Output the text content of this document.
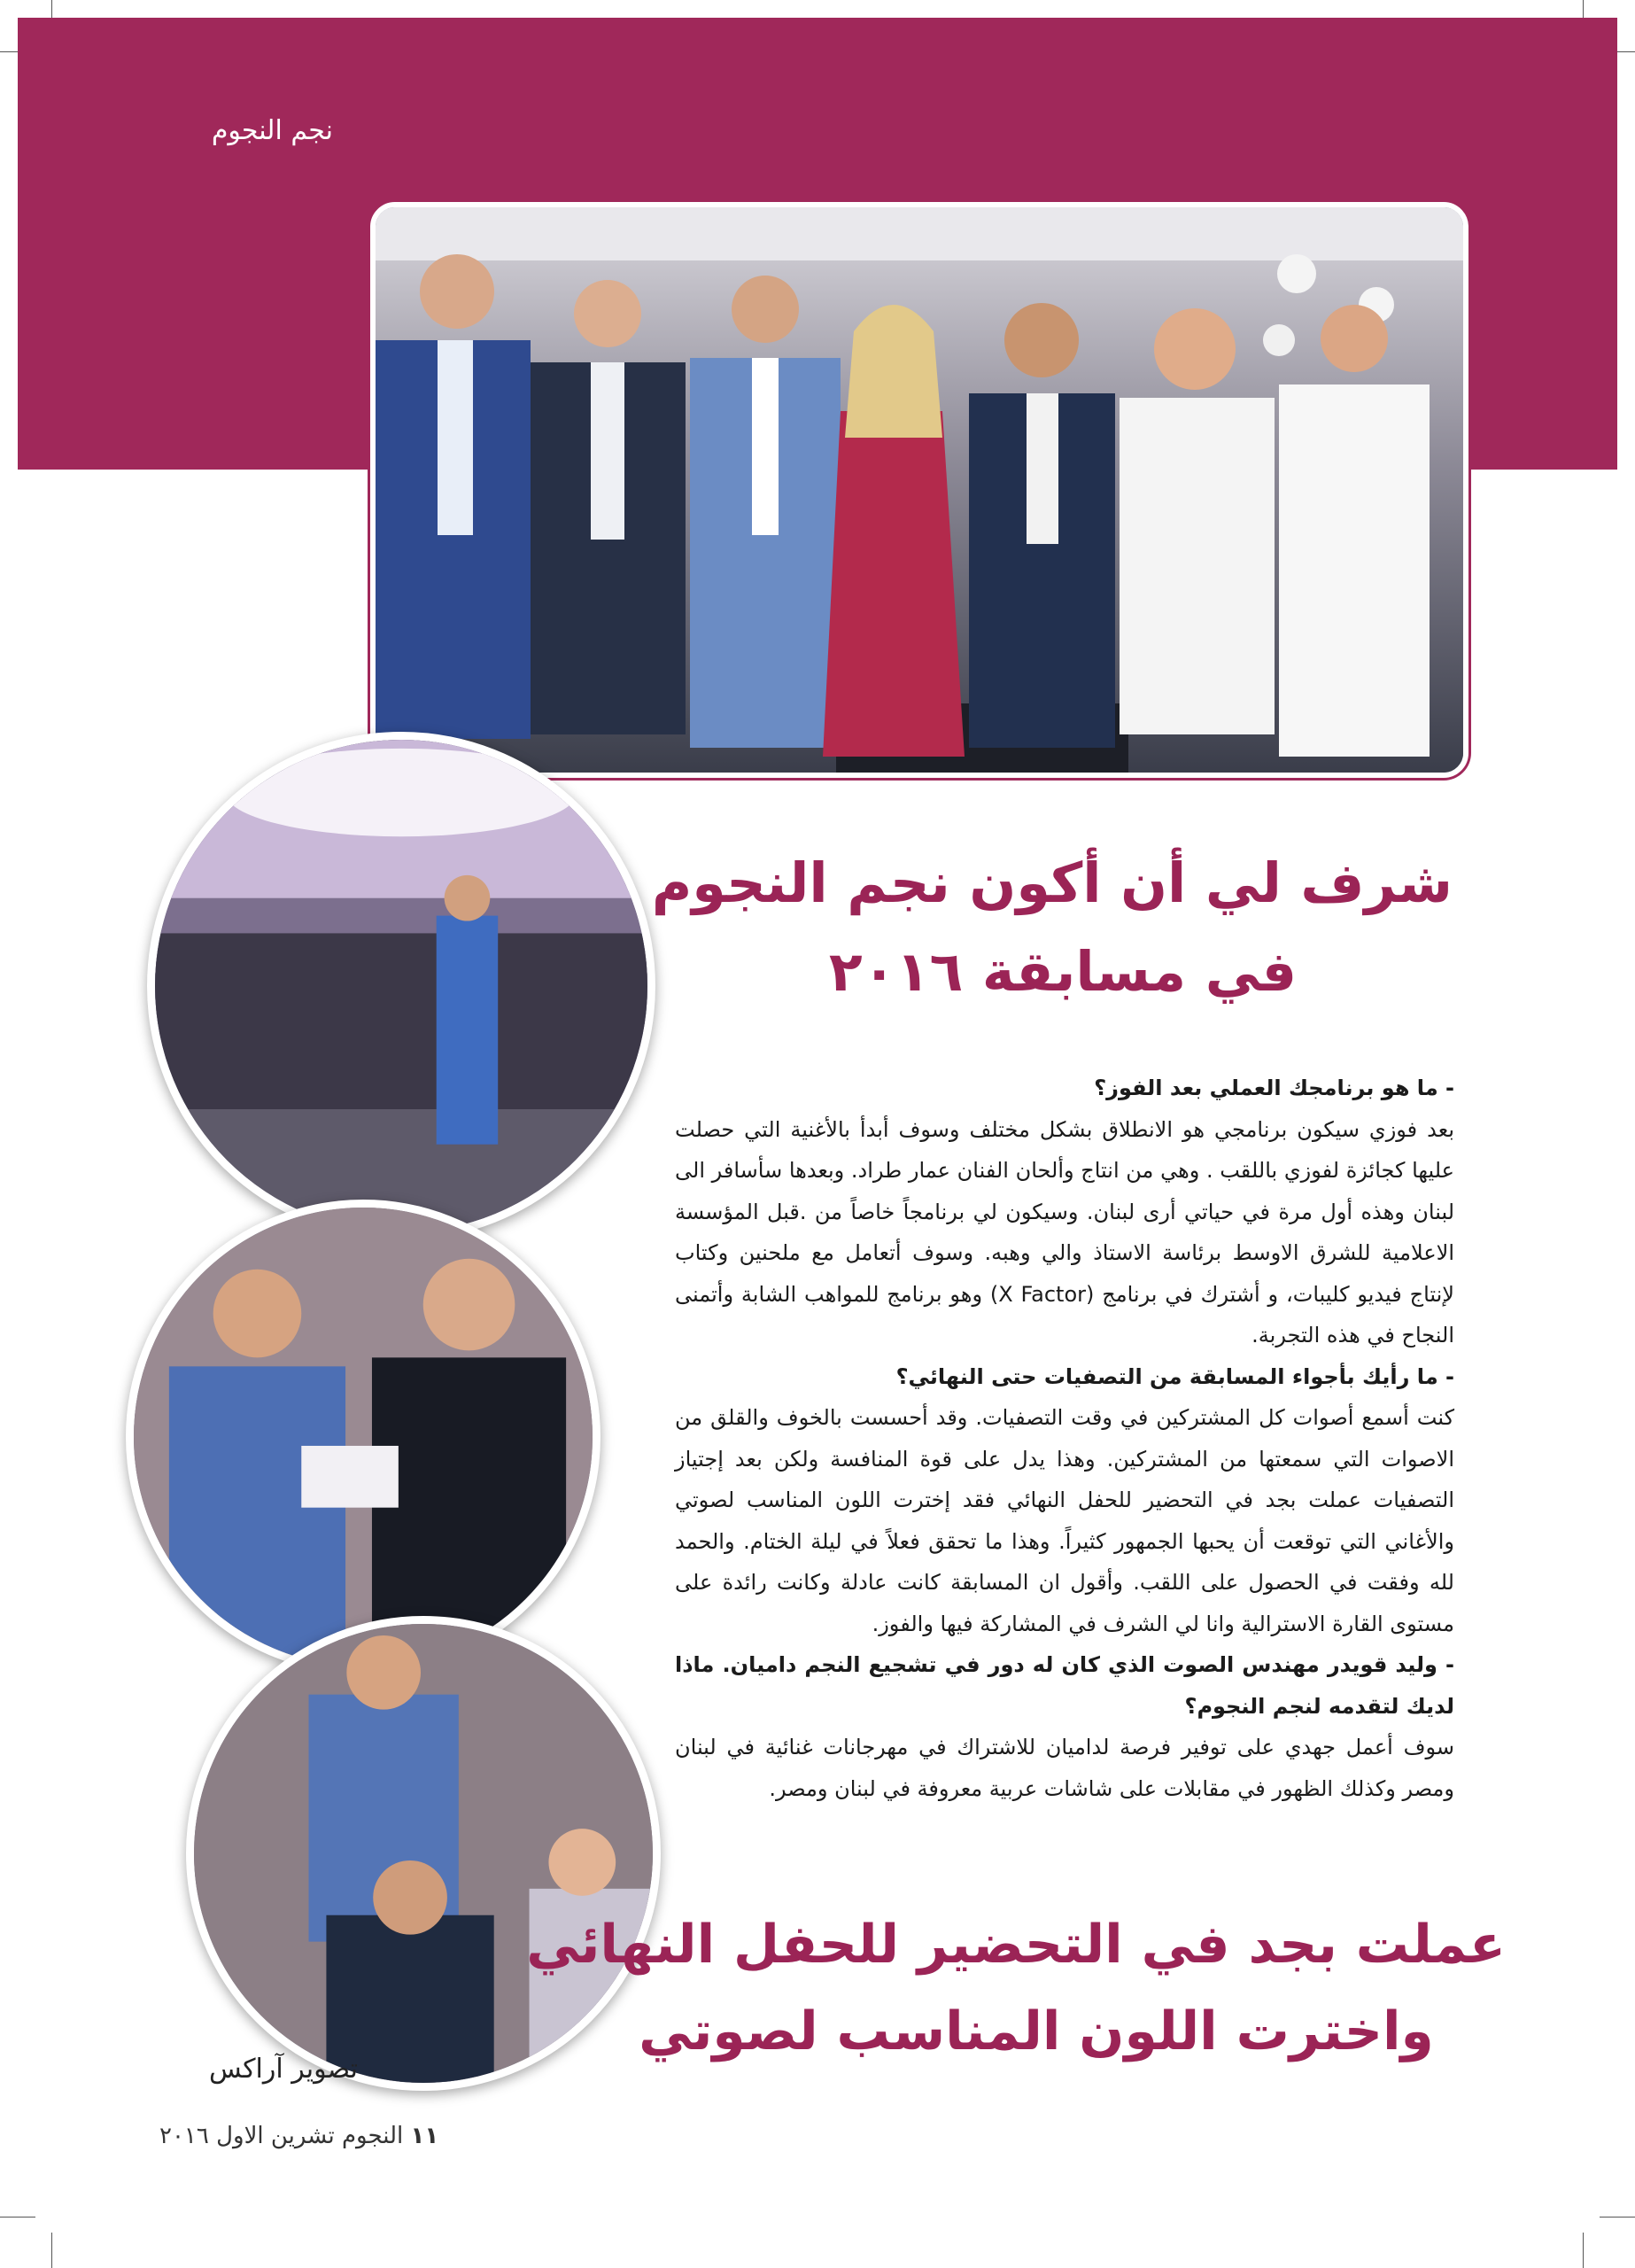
نجم النجوم
شرف لي أن أكون نجم النجوم
في مسابقة ٢٠١٦

- ما هو برنامجك العملي بعد الفوز؟

بعد فوزي سيكون برنامجي هو الانطلاق بشكل مختلف وسوف أبدأ بالأغنية التي حصلت عليها كجائزة لفوزي باللقب . وهي من انتاج وألحان الفنان عمار طراد. وبعدها سأسافر الى لبنان وهذه أول مرة في حياتي أرى لبنان. وسيكون لي برنامجاً خاصاً من .قبل المؤسسة الاعلامية للشرق الاوسط برئاسة الاستاذ والي وهبه. وسوف أتعامل مع ملحنين وكتاب لإنتاج فيديو كليبات، و أشترك في برنامج (X Factor) وهو برنامج للمواهب الشابة وأتمنى النجاح في هذه التجربة.

- ما رأيك بأجواء المسابقة من التصفيات حتى النهائي؟

كنت أسمع أصوات كل المشتركين في وقت التصفيات. وقد أحسست بالخوف والقلق من الاصوات التي سمعتها من المشتركين. وهذا يدل على قوة المنافسة ولكن بعد إجتياز التصفيات عملت بجد في التحضير للحفل النهائي فقد إخترت اللون المناسب لصوتي والأغاني التي توقعت أن يحبها الجمهور كثيراً. وهذا ما تحقق فعلاً في ليلة الختام. والحمد لله وفقت في الحصول على اللقب. وأقول ان المسابقة كانت عادلة وكانت رائدة على مستوى القارة الاسترالية وانا لي الشرف في المشاركة فيها والفوز.

- وليد قويدر مهندس الصوت الذي كان له دور في تشجيع النجم داميان. ماذا لديك لتقدمه لنجم النجوم؟

سوف أعمل جهدي على توفير فرصة لداميان للاشتراك في مهرجانات غنائية في لبنان ومصر وكذلك الظهور في مقابلات على شاشات عربية معروفة في لبنان ومصر.

عملت بجد في التحضير للحفل النهائي
واخترت اللون المناسب لصوتي
تصوير آراكس
١١ النجوم تشرين الاول ٢٠١٦
